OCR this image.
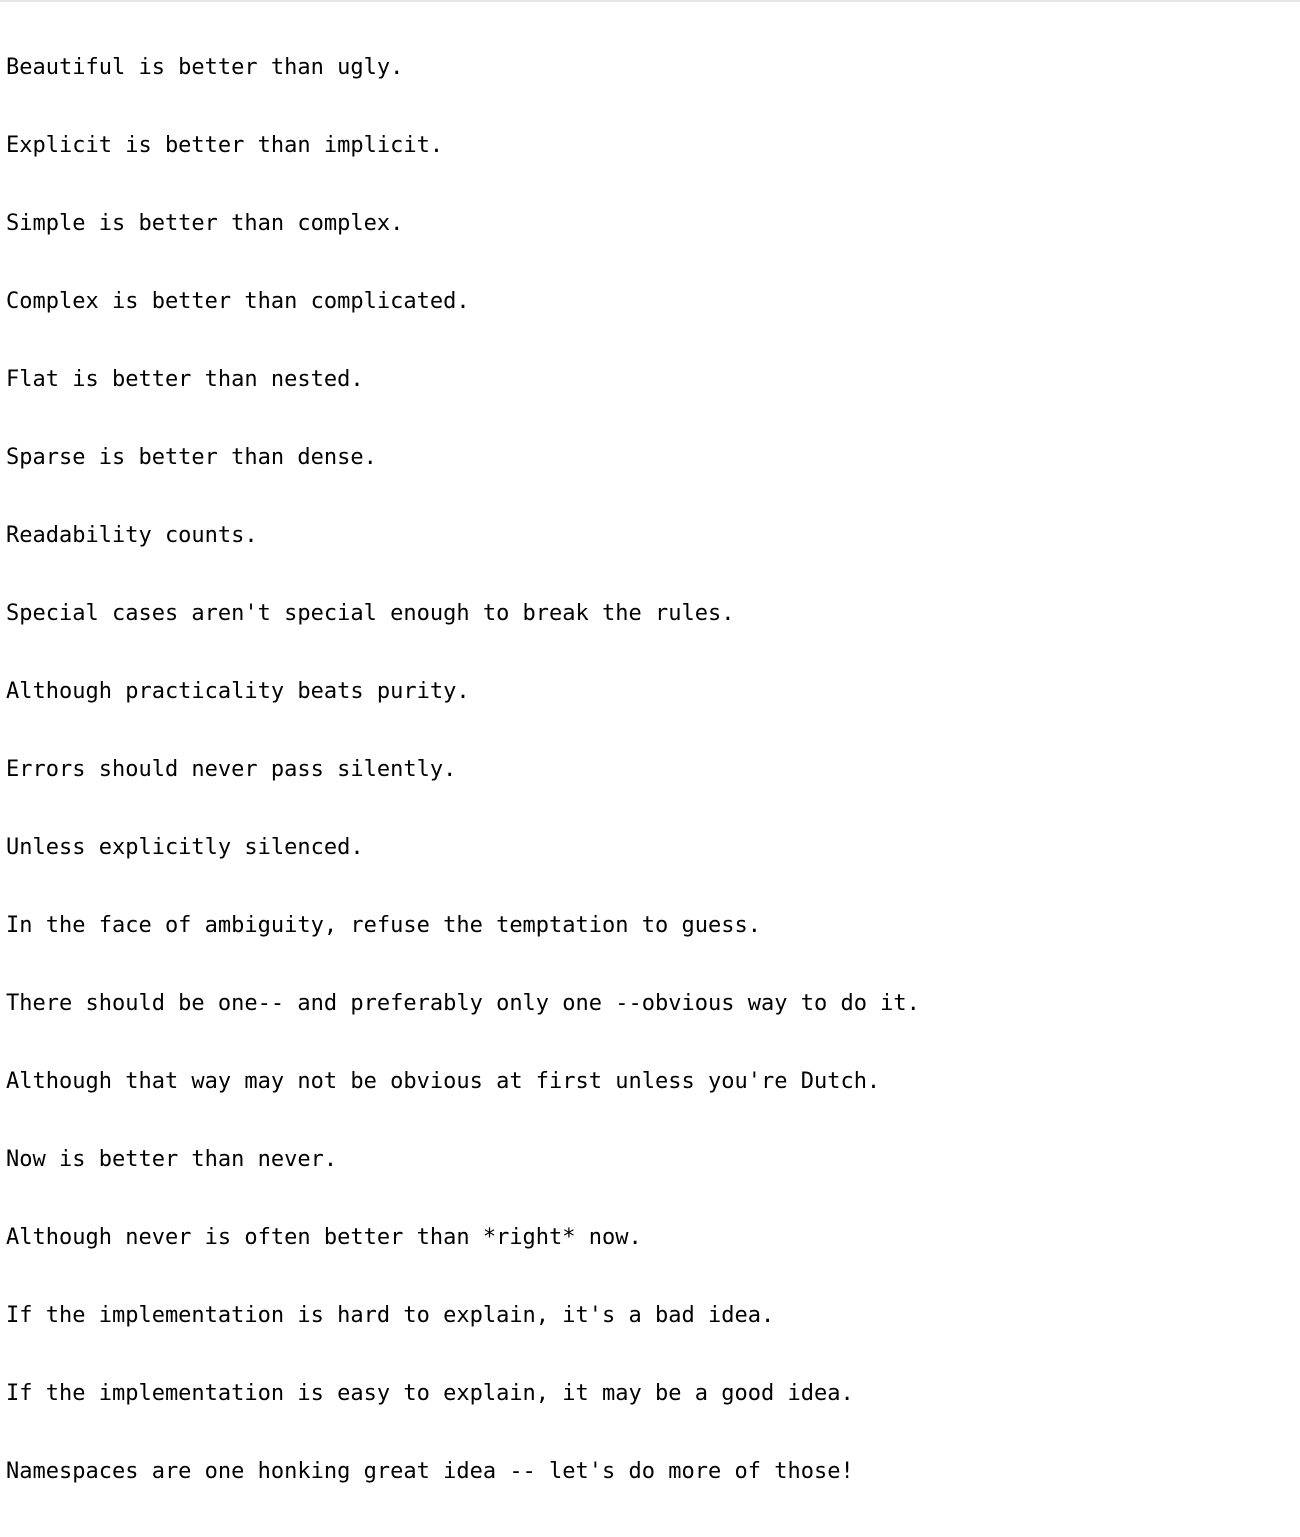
Beautiful is better than ugly.

Explicit is better than implicit.

Simple is better than complex.

Complex is better than complicated.

Flat is better than nested.

Sparse is better than dense.

Readability counts.

Special cases aren't special enough to break the rules.

Although practicality beats purity.

Errors should never pass silently.

Unless explicitly silenced.

In the face of ambiguity, refuse the temptation to guess.

There should be one-- and preferably only one --obvious way to do it.

Although that way may not be obvious at first unless you're Dutch.

Now is better than never.

Although never is often better than *right* now.

If the implementation is hard to explain, it's a bad idea.

If the implementation is easy to explain, it may be a good idea.

Namespaces are one honking great idea -- let's do more of those!
